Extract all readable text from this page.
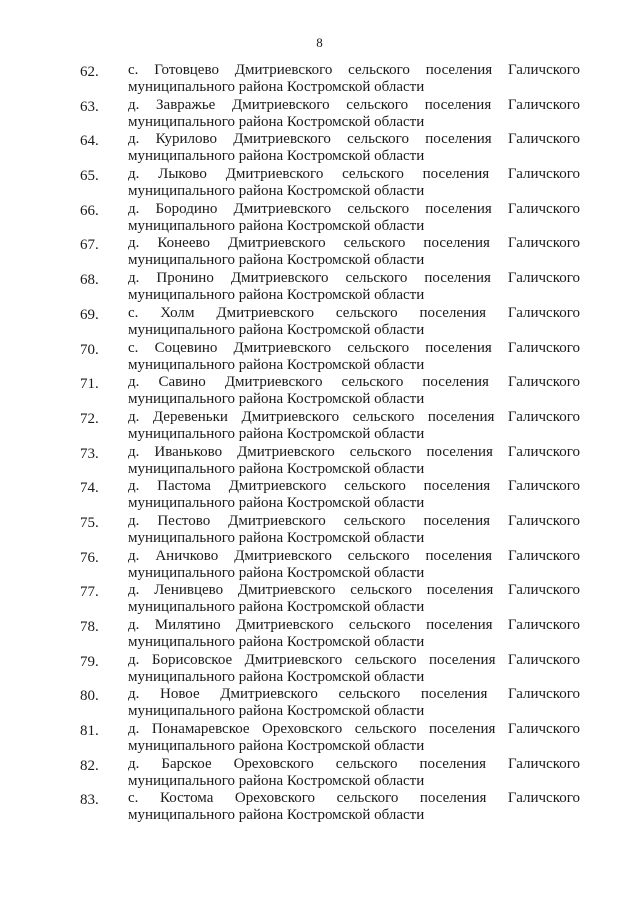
8
62.	с. Готовцево Дмитриевского сельского поселения Галичского
муниципального района Костромской области
63.	д. Завражье Дмитриевского сельского поселения Галичского
муниципального района Костромской области
64.	д. Курилово Дмитриевского сельского поселения Галичского
муниципального района Костромской области
65.	д. Лыково Дмитриевского сельского поселения Галичского
муниципального района Костромской области
66.	д. Бородино Дмитриевского сельского поселения Галичского
муниципального района Костромской области
67.	д. Конеево Дмитриевского сельского поселения Галичского
муниципального района Костромской области
68.	д. Пронино Дмитриевского сельского поселения Галичского
муниципального района Костромской области
69.	с. Холм Дмитриевского сельского поселения Галичского
муниципального района Костромской области
70.	с. Соцевино Дмитриевского сельского поселения Галичского
муниципального района Костромской области
71.	д. Савино Дмитриевского сельского поселения Галичского
муниципального района Костромской области
72.	д. Деревеньки Дмитриевского сельского поселения Галичского
муниципального района Костромской области
73.	д. Иваньково Дмитриевского сельского поселения Галичского
муниципального района Костромской области
74.	д. Пастома Дмитриевского сельского поселения Галичского
муниципального района Костромской области
75.	д. Пестово Дмитриевского сельского поселения Галичского
муниципального района Костромской области
76.	д. Аничково Дмитриевского сельского поселения Галичского
муниципального района Костромской области
77.	д. Ленивцево Дмитриевского сельского поселения Галичского
муниципального района Костромской области
78.	д. Милятино Дмитриевского сельского поселения Галичского
муниципального района Костромской области
79.	д. Борисовское Дмитриевского сельского поселения Галичского
муниципального района Костромской области
80.	д. Новое Дмитриевского сельского поселения Галичского
муниципального района Костромской области
81.	д. Понамаревское Ореховского сельского поселения Галичского
муниципального района Костромской области
82.	д. Барское Ореховского сельского поселения Галичского
муниципального района Костромской области
83.	с. Костома Ореховского сельского поселения Галичского
муниципального района Костромской области
